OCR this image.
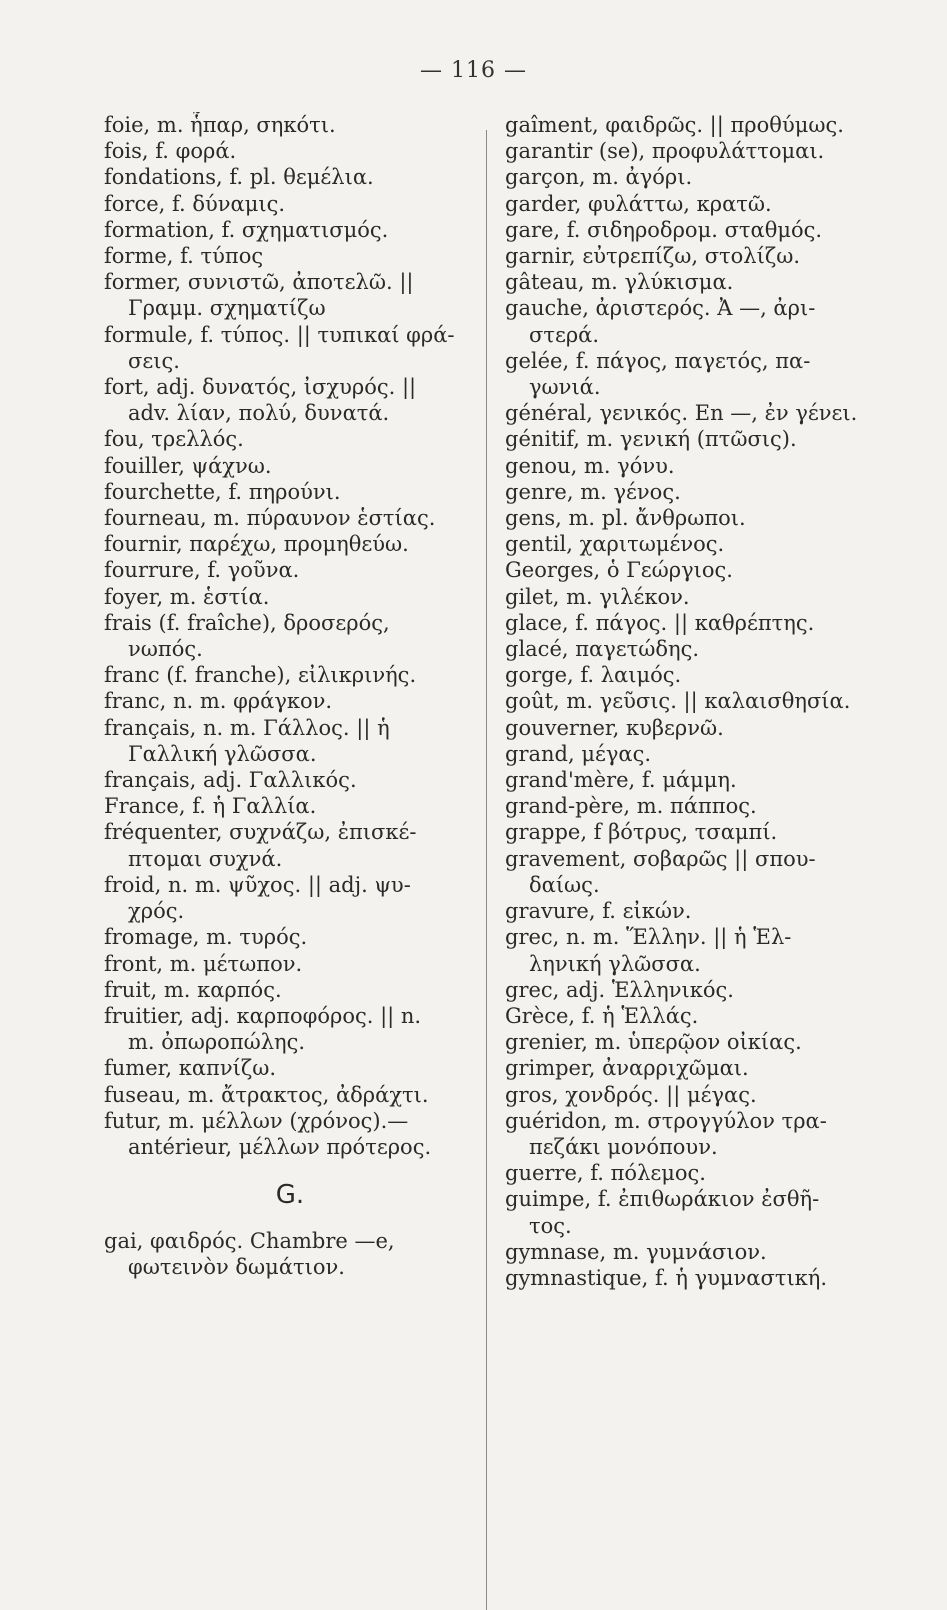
— 116 —
foie, m. ἧπαρ, σηκότι.
fois, f. φορά.
fondations, f. pl. θεμέλια.
force, f. δύναμις.
formation, f. σχηματισμός.
forme, f. τύπος
former, συνιστῶ, ἀποτελῶ. ||
Γραμμ. σχηματίζω
formule, f. τύπος. || τυπικαί φρά-
σεις.
fort, adj. δυνατός, ἰσχυρός. ||
adv. λίαν, πολύ, δυνατά.
fou, τρελλός.
fouiller, ψάχνω.
fourchette, f. πηρούνι.
fourneau, m. πύραυνον ἑστίας.
fournir, παρέχω, προμηθεύω.
fourrure, f. γοῦνα.
foyer, m. ἑστία.
frais (f. fraîche), δροσερός,
νωπός.
franc (f. franche), εἰλικρινής.
franc, n. m. φράγκον.
français, n. m. Γάλλος. || ἡ
Γαλλική γλῶσσα.
français, adj. Γαλλικός.
France, f. ἡ Γαλλία.
fréquenter, συχνάζω, ἐπισκέ-
πτομαι συχνά.
froid, n. m. ψῦχος. || adj. ψυ-
χρός.
fromage, m. τυρός.
front, m. μέτωπον.
fruit, m. καρπός.
fruitier, adj. καρποφόρος. || n.
m. ὀπωροπώλης.
fumer, καπνίζω.
fuseau, m. ἄτρακτος, ἀδράχτι.
futur, m. μέλλων (χρόνος).—
antérieur, μέλλων πρότερος.
G.
gai, φαιδρός. Chambre —e,
φωτεινὸν δωμάτιον.
gaîment, φαιδρῶς. || προθύμως.
garantir (se), προφυλάττομαι.
garçon, m. ἀγόρι.
garder, φυλάττω, κρατῶ.
gare, f. σιδηροδρομ. σταθμός.
garnir, εὐτρεπίζω, στολίζω.
gâteau, m. γλύκισμα.
gauche, ἀριστερός. Ἀ —, ἀρι-
στερά.
gelée, f. πάγος, παγετός, πα-
γωνιά.
général, γενικός. En —, ἐν γένει.
génitif, m. γενική (πτῶσις).
genou, m. γόνυ.
genre, m. γένος.
gens, m. pl. ἄνθρωποι.
gentil, χαριτωμένος.
Georges, ὁ Γεώργιος.
gilet, m. γιλέκον.
glace, f. πάγος. || καθρέπτης.
glacé, παγετώδης.
gorge, f. λαιμός.
goût, m. γεῦσις. || καλαισθησία.
gouverner, κυβερνῶ.
grand, μέγας.
grand'mère, f. μάμμη.
grand-père, m. πάππος.
grappe, f βότρυς, τσαμπί.
gravement, σοβαρῶς || σπου-
δαίως.
gravure, f. εἰκών.
grec, n. m. Ἕλλην. || ἡ Ἑλ-
ληνική γλῶσσα.
grec, adj. Ἑλληνικός.
Grèce, f. ἡ Ἑλλάς.
grenier, m. ὑπερῷον οἰκίας.
grimper, ἀναρριχῶμαι.
gros, χονδρός. || μέγας.
guéridon, m. στρογγύλον τρα-
πεζάκι μονόπουν.
guerre, f. πόλεμος.
guimpe, f. ἐπιθωράκιον ἐσθῆ-
τος.
gymnase, m. γυμνάσιον.
gymnastique, f. ἡ γυμναστική.
